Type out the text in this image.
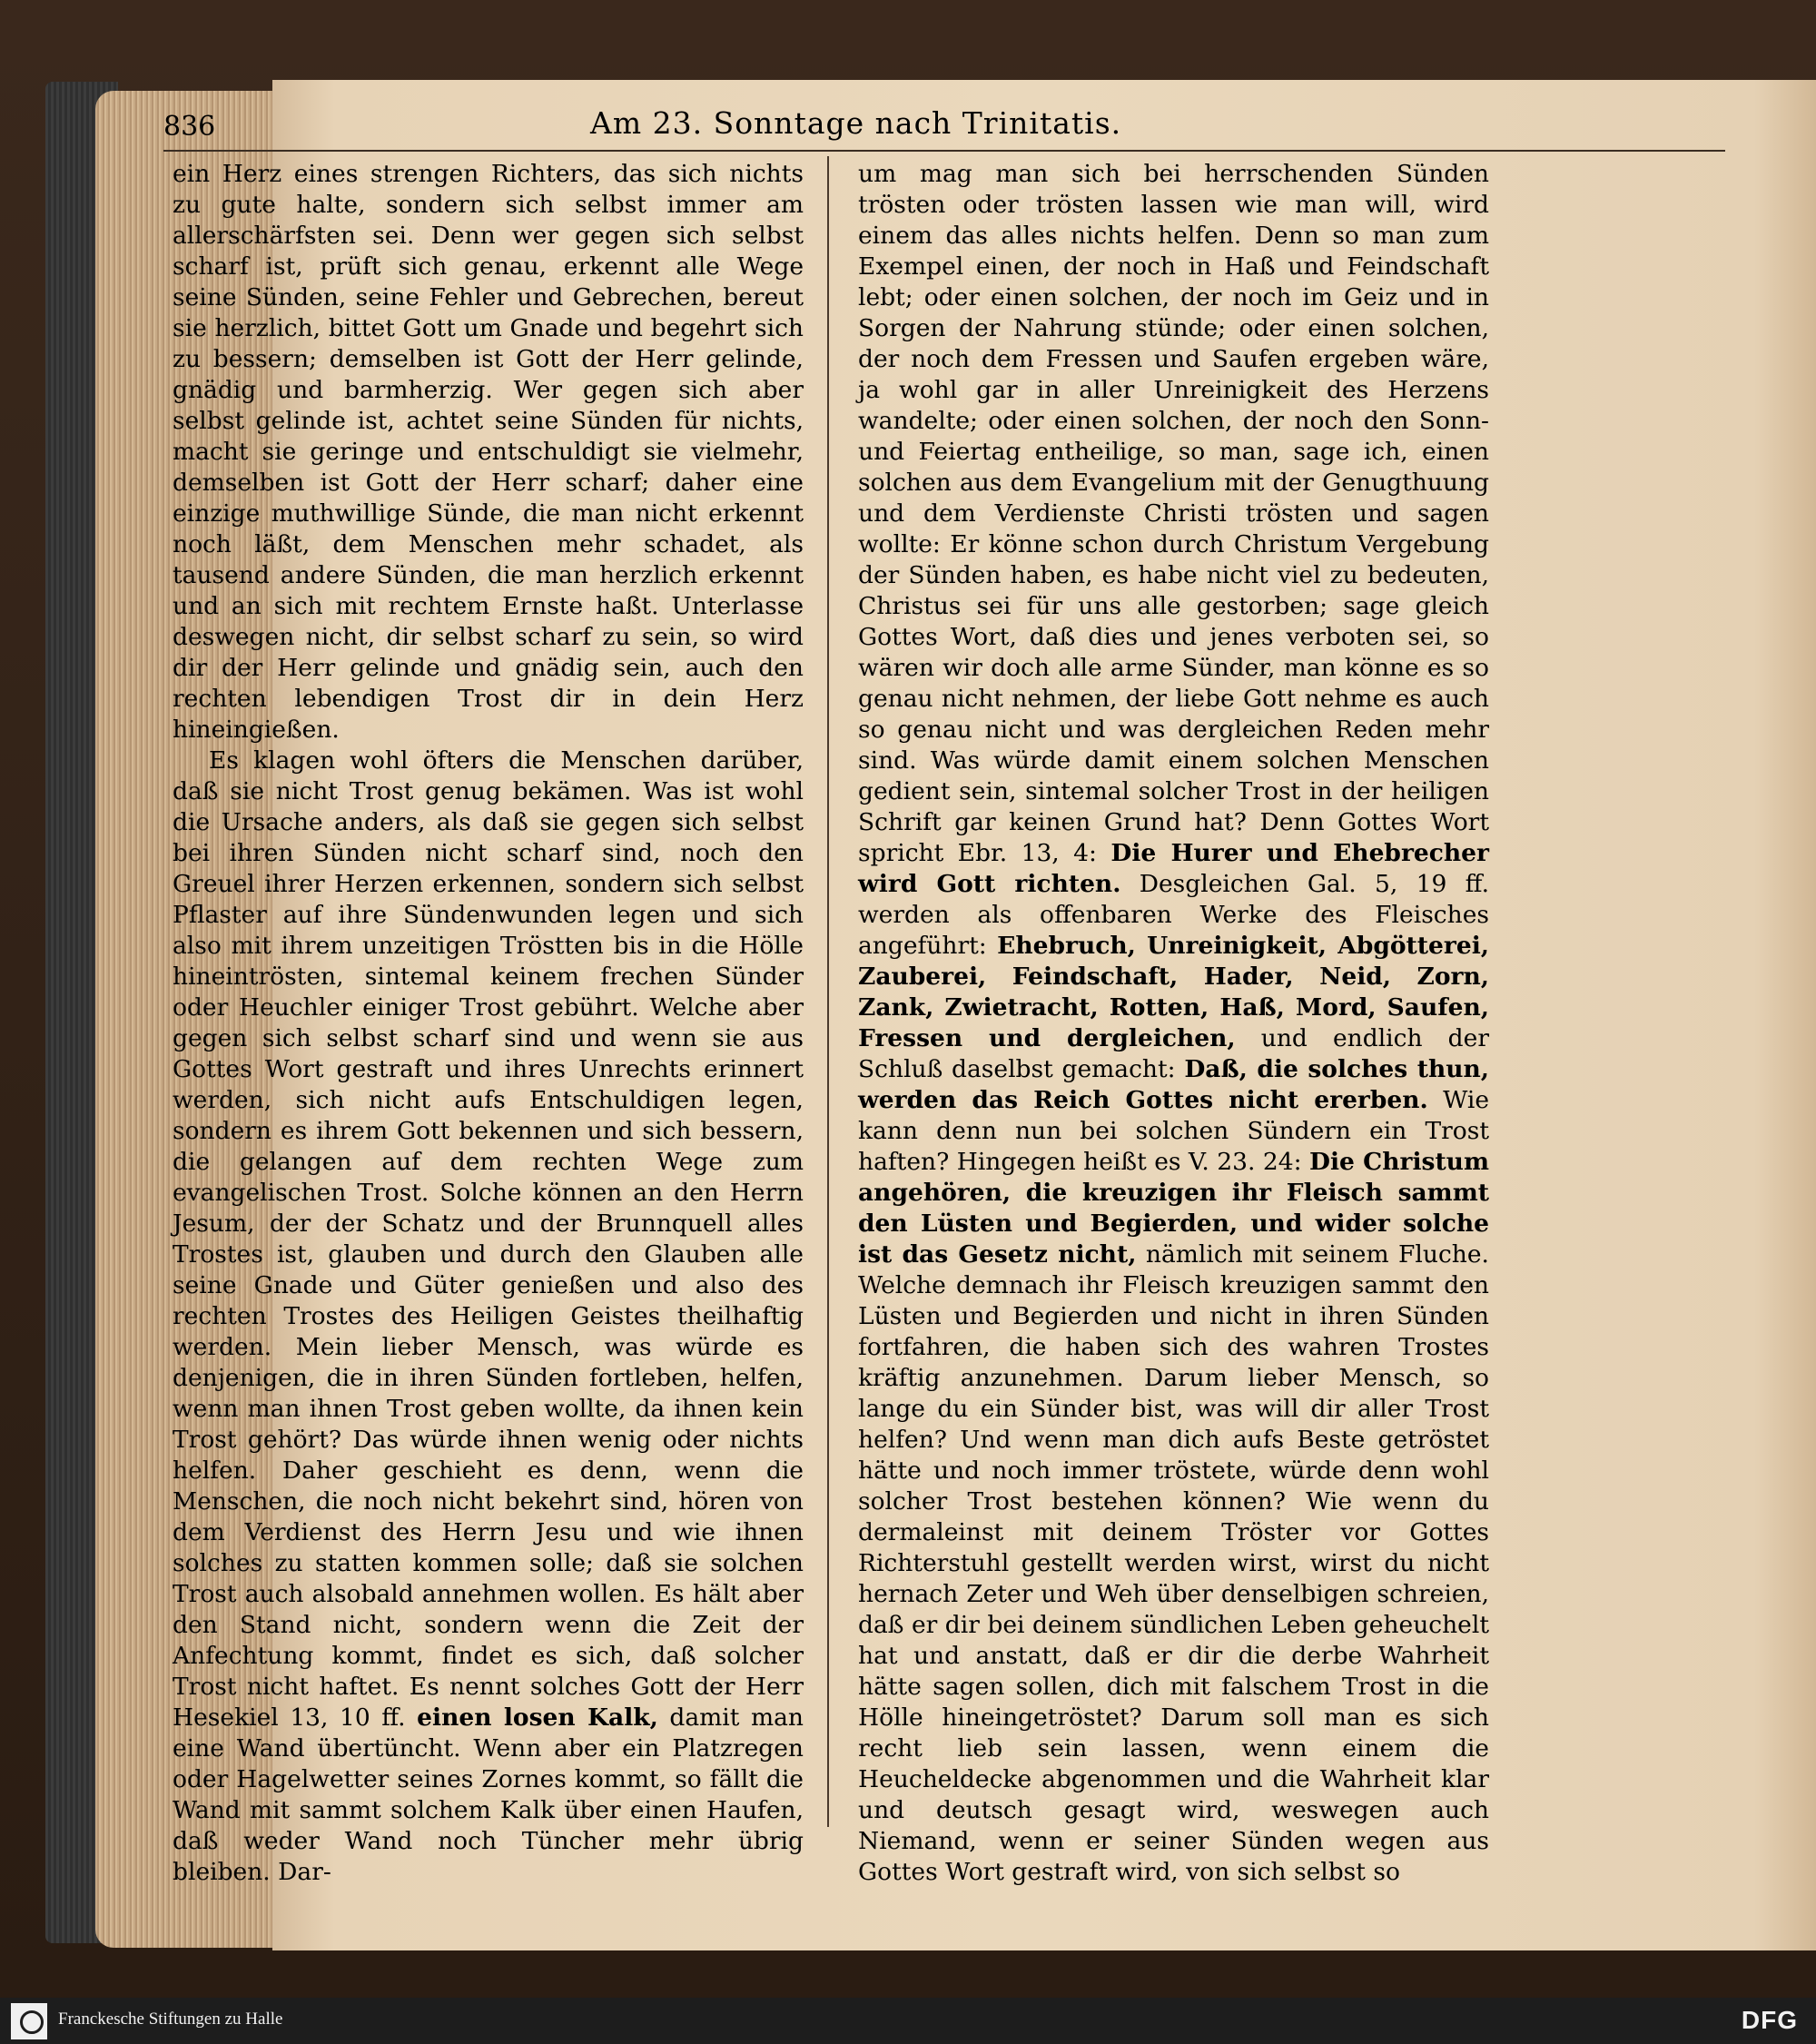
836	Am 23. Sonntage nach Trinitatis.

ein Herz eines strengen Richters, das sich nichts zu gute halte, sondern sich selbst immer am allerschärfsten sei. Denn wer gegen sich selbst scharf ist, prüft sich genau, erkennt alle Wege seine Sünden, seine Fehler und Gebrechen, bereut sie herzlich, bittet Gott um Gnade und begehrt sich zu bessern; demselben ist Gott der Herr gelinde, gnädig und barmherzig. Wer gegen sich aber selbst gelinde ist, achtet seine Sünden für nichts, macht sie geringe und entschuldigt sie vielmehr, demselben ist Gott der Herr scharf; daher eine einzige muthwillige Sünde, die man nicht erkennt noch läßt, dem Menschen mehr schadet, als tausend andere Sünden, die man herzlich erkennt und an sich mit rechtem Ernste haßt. Unterlasse deswegen nicht, dir selbst scharf zu sein, so wird dir der Herr gelinde und gnädig sein, auch den rechten lebendigen Trost dir in dein Herz hineingießen.

Es klagen wohl öfters die Menschen darüber, daß sie nicht Trost genug bekämen. Was ist wohl die Ursache anders, als daß sie gegen sich selbst bei ihren Sünden nicht scharf sind, noch den Greuel ihrer Herzen erkennen, sondern sich selbst Pflaster auf ihre Sündenwunden legen und sich also mit ihrem unzeitigen Tröstten bis in die Hölle hineintrösten, sintemal keinem frechen Sünder oder Heuchler einiger Trost gebührt. Welche aber gegen sich selbst scharf sind und wenn sie aus Gottes Wort gestraft und ihres Unrechts erinnert werden, sich nicht aufs Entschuldigen legen, sondern es ihrem Gott bekennen und sich bessern, die gelangen auf dem rechten Wege zum evangelischen Trost. Solche können an den Herrn Jesum, der der Schatz und der Brunnquell alles Trostes ist, glauben und durch den Glauben alle seine Gnade und Güter genießen und also des rechten Trostes des Heiligen Geistes theilhaftig werden. Mein lieber Mensch, was würde es denjenigen, die in ihren Sünden fortleben, helfen, wenn man ihnen Trost geben wollte, da ihnen kein Trost gehört? Das würde ihnen wenig oder nichts helfen. Daher geschieht es denn, wenn die Menschen, die noch nicht bekehrt sind, hören von dem Verdienst des Herrn Jesu und wie ihnen solches zu statten kommen solle; daß sie solchen Trost auch alsobald annehmen wollen. Es hält aber den Stand nicht, sondern wenn die Zeit der Anfechtung kommt, findet es sich, daß solcher Trost nicht haftet. Es nennt solches Gott der Herr Hesekiel 13, 10 ff. einen losen Kalk, damit man eine Wand übertüncht. Wenn aber ein Platzregen oder Hagelwetter seines Zornes kommt, so fällt die Wand mit sammt solchem Kalk über einen Haufen, daß weder Wand noch Tüncher mehr übrig bleiben. Dar-

um mag man sich bei herrschenden Sünden trösten oder trösten lassen wie man will, wird einem das alles nichts helfen. Denn so man zum Exempel einen, der noch in Haß und Feindschaft lebt; oder einen solchen, der noch im Geiz und in Sorgen der Nahrung stünde; oder einen solchen, der noch dem Fressen und Saufen ergeben wäre, ja wohl gar in aller Unreinigkeit des Herzens wandelte; oder einen solchen, der noch den Sonn- und Feiertag entheilige, so man, sage ich, einen solchen aus dem Evangelium mit der Genugthuung und dem Verdienste Christi trösten und sagen wollte: Er könne schon durch Christum Vergebung der Sünden haben, es habe nicht viel zu bedeuten, Christus sei für uns alle gestorben; sage gleich Gottes Wort, daß dies und jenes verboten sei, so wären wir doch alle arme Sünder, man könne es so genau nicht nehmen, der liebe Gott nehme es auch so genau nicht und was dergleichen Reden mehr sind. Was würde damit einem solchen Menschen gedient sein, sintemal solcher Trost in der heiligen Schrift gar keinen Grund hat? Denn Gottes Wort spricht Ebr. 13, 4: Die Hurer und Ehebrecher wird Gott richten. Desgleichen Gal. 5, 19 ff. werden als offenbaren Werke des Fleisches angeführt: Ehebruch, Unreinigkeit, Abgötterei, Zauberei, Feindschaft, Hader, Neid, Zorn, Zank, Zwietracht, Rotten, Haß, Mord, Saufen, Fressen und dergleichen, und endlich der Schluß daselbst gemacht: Daß, die solches thun, werden das Reich Gottes nicht ererben. Wie kann denn nun bei solchen Sündern ein Trost haften? Hingegen heißt es V. 23. 24: Die Christum angehören, die kreuzigen ihr Fleisch sammt den Lüsten und Begierden, und wider solche ist das Gesetz nicht, nämlich mit seinem Fluche. Welche demnach ihr Fleisch kreuzigen sammt den Lüsten und Begierden und nicht in ihren Sünden fortfahren, die haben sich des wahren Trostes kräftig anzunehmen. Darum lieber Mensch, so lange du ein Sünder bist, was will dir aller Trost helfen? Und wenn man dich aufs Beste getröstet hätte und noch immer tröstete, würde denn wohl solcher Trost bestehen können? Wie wenn du dermaleinst mit deinem Tröster vor Gottes Richterstuhl gestellt werden wirst, wirst du nicht hernach Zeter und Weh über denselbigen schreien, daß er dir bei deinem sündlichen Leben geheuchelt hat und anstatt, daß er dir die derbe Wahrheit hätte sagen sollen, dich mit falschem Trost in die Hölle hineingetröstet? Darum soll man es sich recht lieb sein lassen, wenn einem die Heucheldecke abgenommen und die Wahrheit klar und deutsch gesagt wird, weswegen auch Niemand, wenn er seiner Sünden wegen aus Gottes Wort gestraft wird, von sich selbst so

Franckesche Stiftungen zu Halle	DFG
